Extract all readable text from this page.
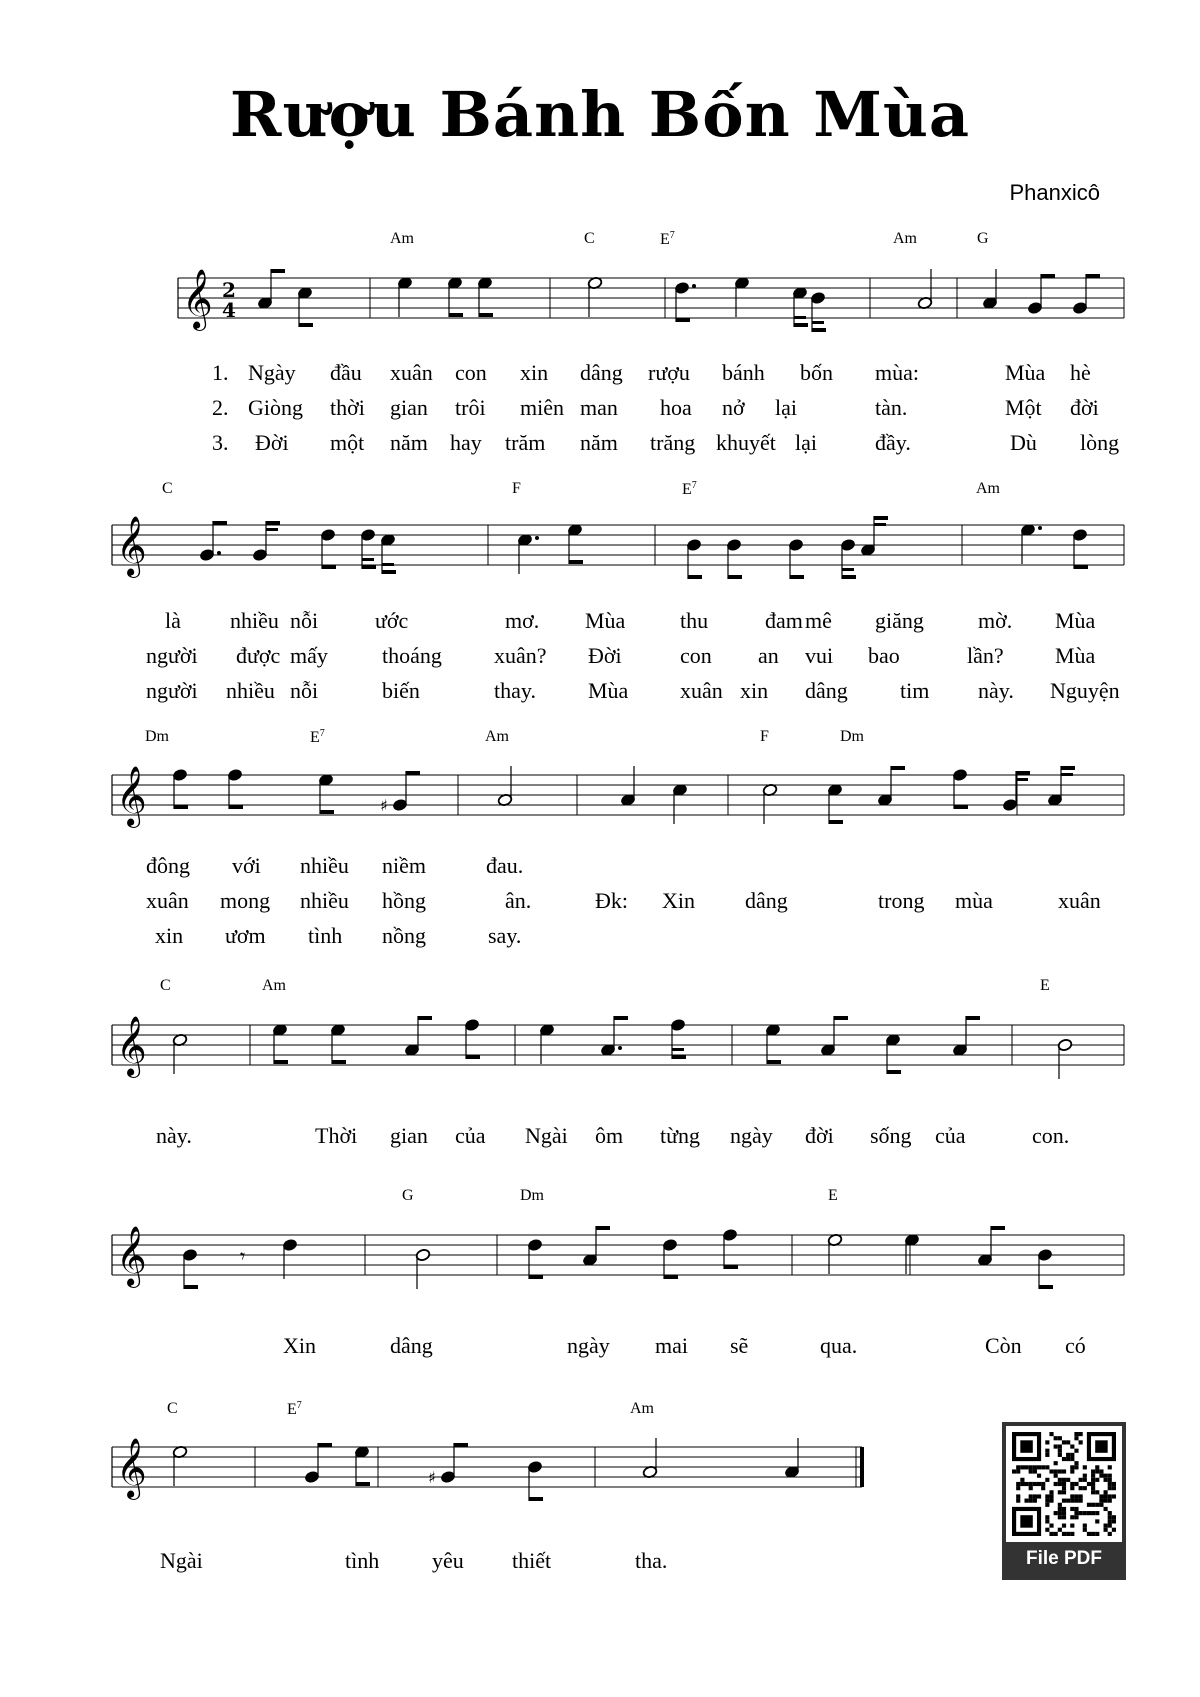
Rượu Bánh Bốn Mùa
Phanxicô
𝄞 2
4
Am	C	$E^7$	Am	G
1. Ngày đầu xuân con xin dâng rượu bánh bốn mùa:	Mùa hè
2. Giòng thời gian trôi miên man hoa nở lại	tàn.	Một đời
3. Đời một năm hay trăm năm trăng khuyết lại	đầy.	Dù lòng
𝄞
C	F	$E^7$	Am
là nhiều nỗi	ước	mơ. Mùa thu	đam mê giăng mờ. Mùa
người được mấy thoáng xuân? Đời	con an vui bao	lần? Mùa
người nhiều nỗi	biến	thay. Mùa xuân xin dâng tim này. Nguyện
𝄞	♯
Dm	$E^7$	Am	F	Dm
đông với nhiều niềm	đau.
xuân mong nhiều hồng	ân.	Đk: Xin dâng	trong mùa	xuân
xin ươm tình nồng	say.
𝄞
C	Am	E
này.	Thời gian của Ngài ôm từng ngày đời sống của	con.
𝄞	𝄾
G	Dm	E
Xin	dâng	ngày mai sẽ	qua.	Còn có
𝄞	♯
C	$E^7$	Am
Ngài	tình yêu thiết	tha.	File PDF
